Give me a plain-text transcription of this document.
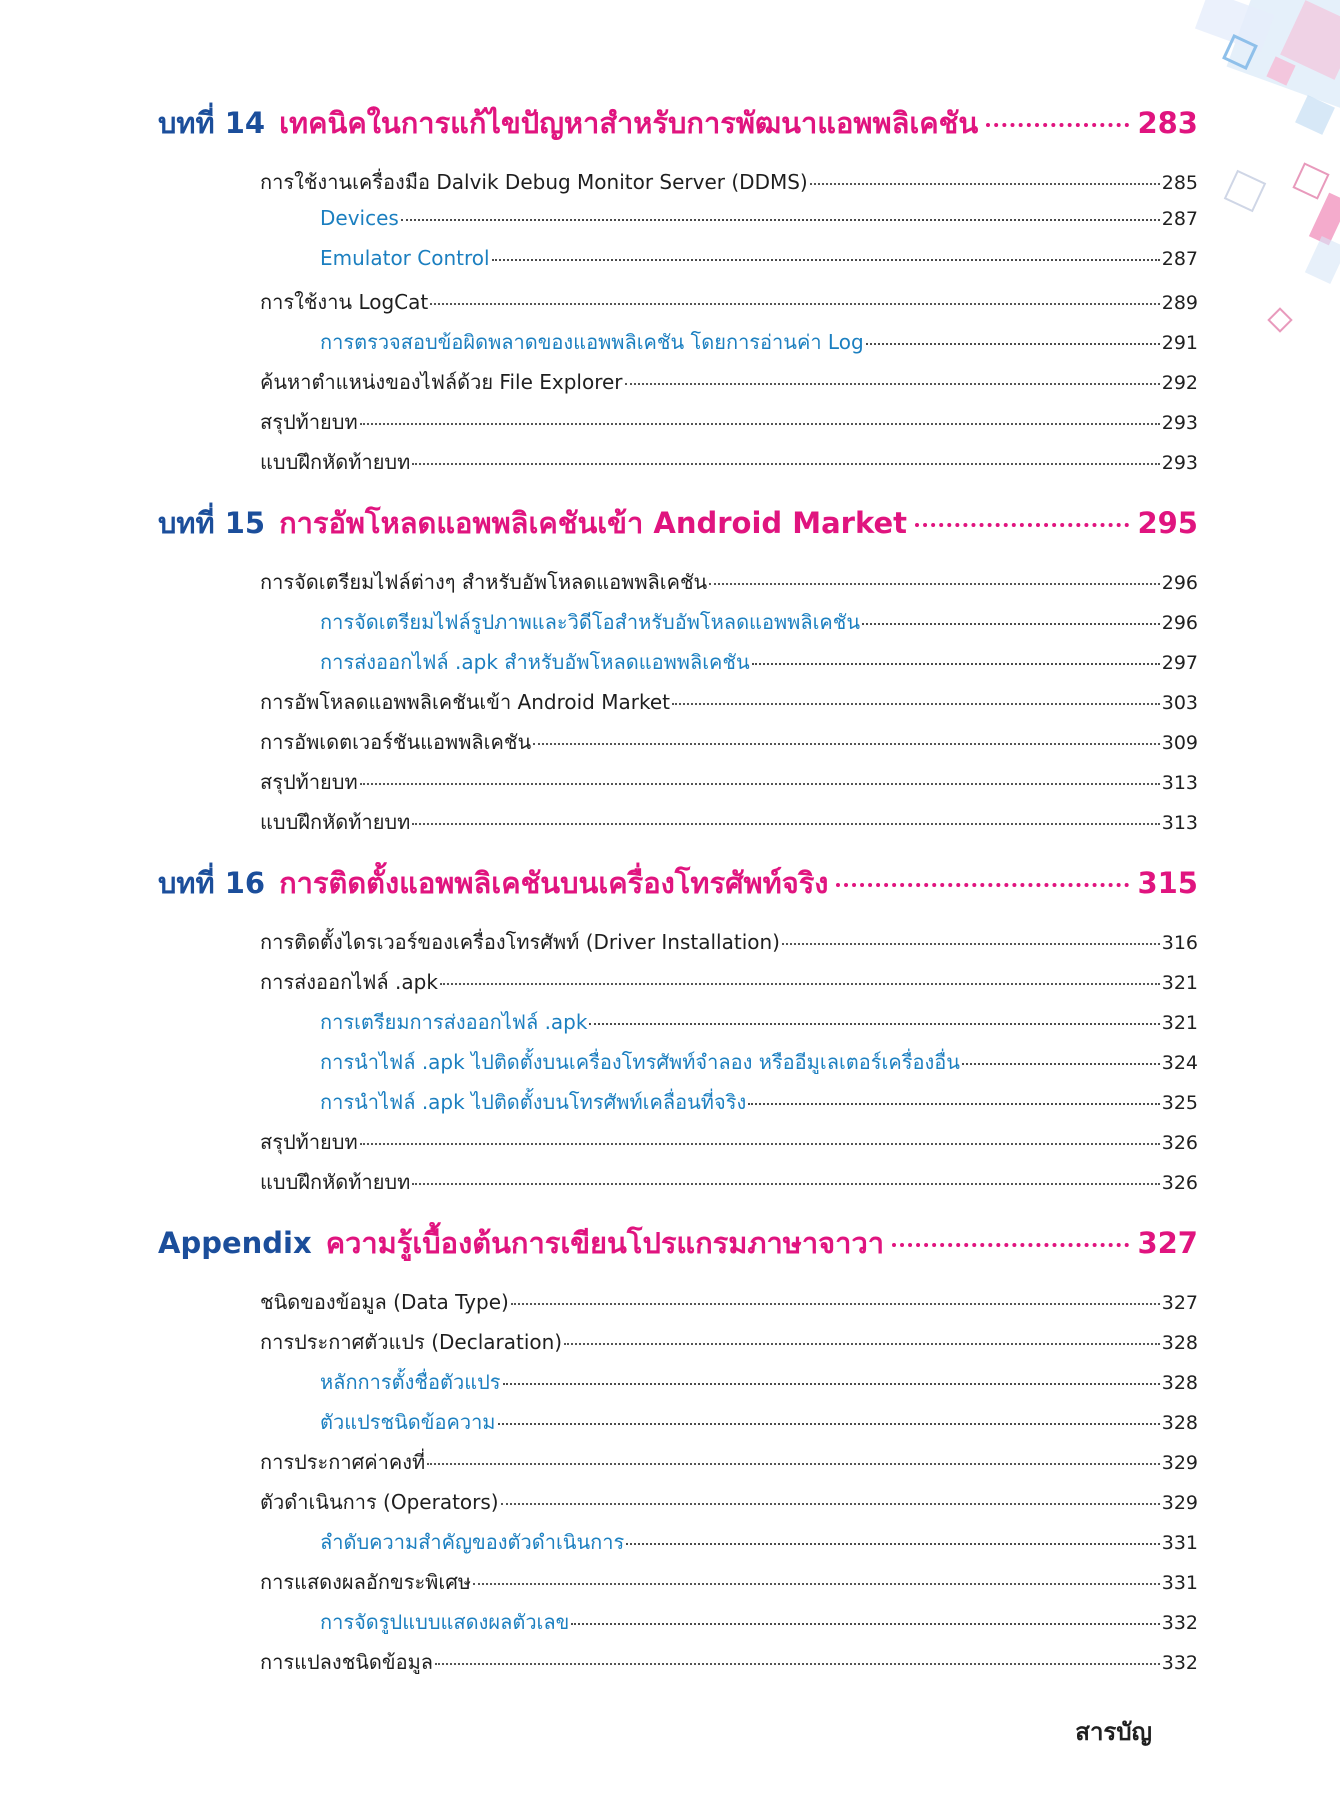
บทที่ 14 เทคนิคในการแก้ไขปัญหาสำหรับการพัฒนาแอพพลิเคชัน	283
การใช้งานเครื่องมือ Dalvik Debug Monitor Server (DDMS)	285
Devices	287
Emulator Control	287
การใช้งาน LogCat	289
การตรวจสอบข้อผิดพลาดของแอพพลิเคชัน โดยการอ่านค่า Log	291
ค้นหาตำแหน่งของไฟล์ด้วย File Explorer	292
สรุปท้ายบท	293
แบบฝึกหัดท้ายบท	293
บทที่ 15 การอัพโหลดแอพพลิเคชันเข้า Android Market	295
การจัดเตรียมไฟล์ต่างๆ สำหรับอัพโหลดแอพพลิเคชัน	296
การจัดเตรียมไฟล์รูปภาพและวิดีโอสำหรับอัพโหลดแอพพลิเคชัน	296
การส่งออกไฟล์ .apk สำหรับอัพโหลดแอพพลิเคชัน	297
การอัพโหลดแอพพลิเคชันเข้า Android Market	303
การอัพเดตเวอร์ชันแอพพลิเคชัน	309
สรุปท้ายบท	313
แบบฝึกหัดท้ายบท	313
บทที่ 16 การติดตั้งแอพพลิเคชันบนเครื่องโทรศัพท์จริง	315
การติดตั้งไดรเวอร์ของเครื่องโทรศัพท์ (Driver Installation)	316
การส่งออกไฟล์ .apk	321
การเตรียมการส่งออกไฟล์ .apk	321
การนำไฟล์ .apk ไปติดตั้งบนเครื่องโทรศัพท์จำลอง หรืออีมูเลเตอร์เครื่องอื่น	324
การนำไฟล์ .apk ไปติดตั้งบนโทรศัพท์เคลื่อนที่จริง	325
สรุปท้ายบท	326
แบบฝึกหัดท้ายบท	326
Appendix ความรู้เบื้องต้นการเขียนโปรแกรมภาษาจาวา	327
ชนิดของข้อมูล (Data Type)	327
การประกาศตัวแปร (Declaration)	328
หลักการตั้งชื่อตัวแปร	328
ตัวแปรชนิดข้อความ	328
การประกาศค่าคงที่	329
ตัวดำเนินการ (Operators)	329
ลำดับความสำคัญของตัวดำเนินการ	331
การแสดงผลอักขระพิเศษ	331
การจัดรูปแบบแสดงผลตัวเลข	332
การแปลงชนิดข้อมูล	332
สารบัญ
